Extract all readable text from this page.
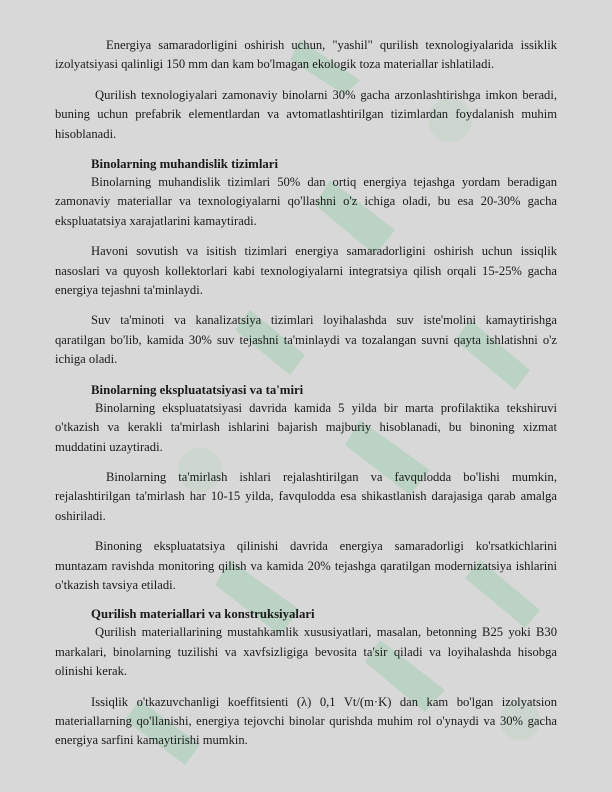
Energiya samaradorligini oshirish uchun, "yashil" qurilish texnologiyalarida issiklik izolyatsiyasi qalinligi 150 mm dan kam bo'lmagan ekologik toza materiallar ishlatiladi.

Qurilish texnologiyalari zamonaviy binolarni 30% gacha arzonlashtirishga imkon beradi, buning uchun prefabrik elementlardan va avtomatlashtirilgan tizimlardan foydalanish muhim hisoblanadi.

Binolarning muhandislik tizimlari

Binolarning muhandislik tizimlari 50% dan ortiq energiya tejashga yordam beradigan zamonaviy materiallar va texnologiyalarni qo'llashni o'z ichiga oladi, bu esa 20-30% gacha ekspluatatsiya xarajatlarini kamaytiradi.

Havoni sovutish va isitish tizimlari energiya samaradorligini oshirish uchun issiqlik nasoslari va quyosh kollektorlari kabi texnologiyalarni integratsiya qilish orqali 15-25% gacha energiya tejashni ta'minlaydi.

Suv ta'minoti va kanalizatsiya tizimlari loyihalashda suv iste'molini kamaytirishga qaratilgan bo'lib, kamida 30% suv tejashni ta'minlaydi va tozalangan suvni qayta ishlatishni o'z ichiga oladi.

Binolarning ekspluatatsiyasi va ta'miri

Binolarning ekspluatatsiyasi davrida kamida 5 yilda bir marta profilaktika tekshiruvi o'tkazish va kerakli ta'mirlash ishlarini bajarish majburiy hisoblanadi, bu binoning xizmat muddatini uzaytiradi.

Binolarning ta'mirlash ishlari rejalashtirilgan va favqulodda bo'lishi mumkin, rejalashtirilgan ta'mirlash har 10-15 yilda, favqulodda esa shikastlanish darajasiga qarab amalga oshiriladi.

Binoning ekspluatatsiya qilinishi davrida energiya samaradorligi ko'rsatkichlarini muntazam ravishda monitoring qilish va kamida 20% tejashga qaratilgan modernizatsiya ishlarini o'tkazish tavsiya etiladi.

Qurilish materiallari va konstruksiyalari

Qurilish materiallarining mustahkamlik xususiyatlari, masalan, betonning B25 yoki B30 markalari, binolarning tuzilishi va xavfsizligiga bevosita ta'sir qiladi va loyihalashda hisobga olinishi kerak.

Issiqlik o'tkazuvchanligi koeffitsienti (λ) 0,1 Vt/(m·K) dan kam bo'lgan izolyatsion materiallarning qo'llanishi, energiya tejovchi binolar qurishda muhim rol o'ynaydi va 30% gacha energiya sarfini kamaytirishi mumkin.
